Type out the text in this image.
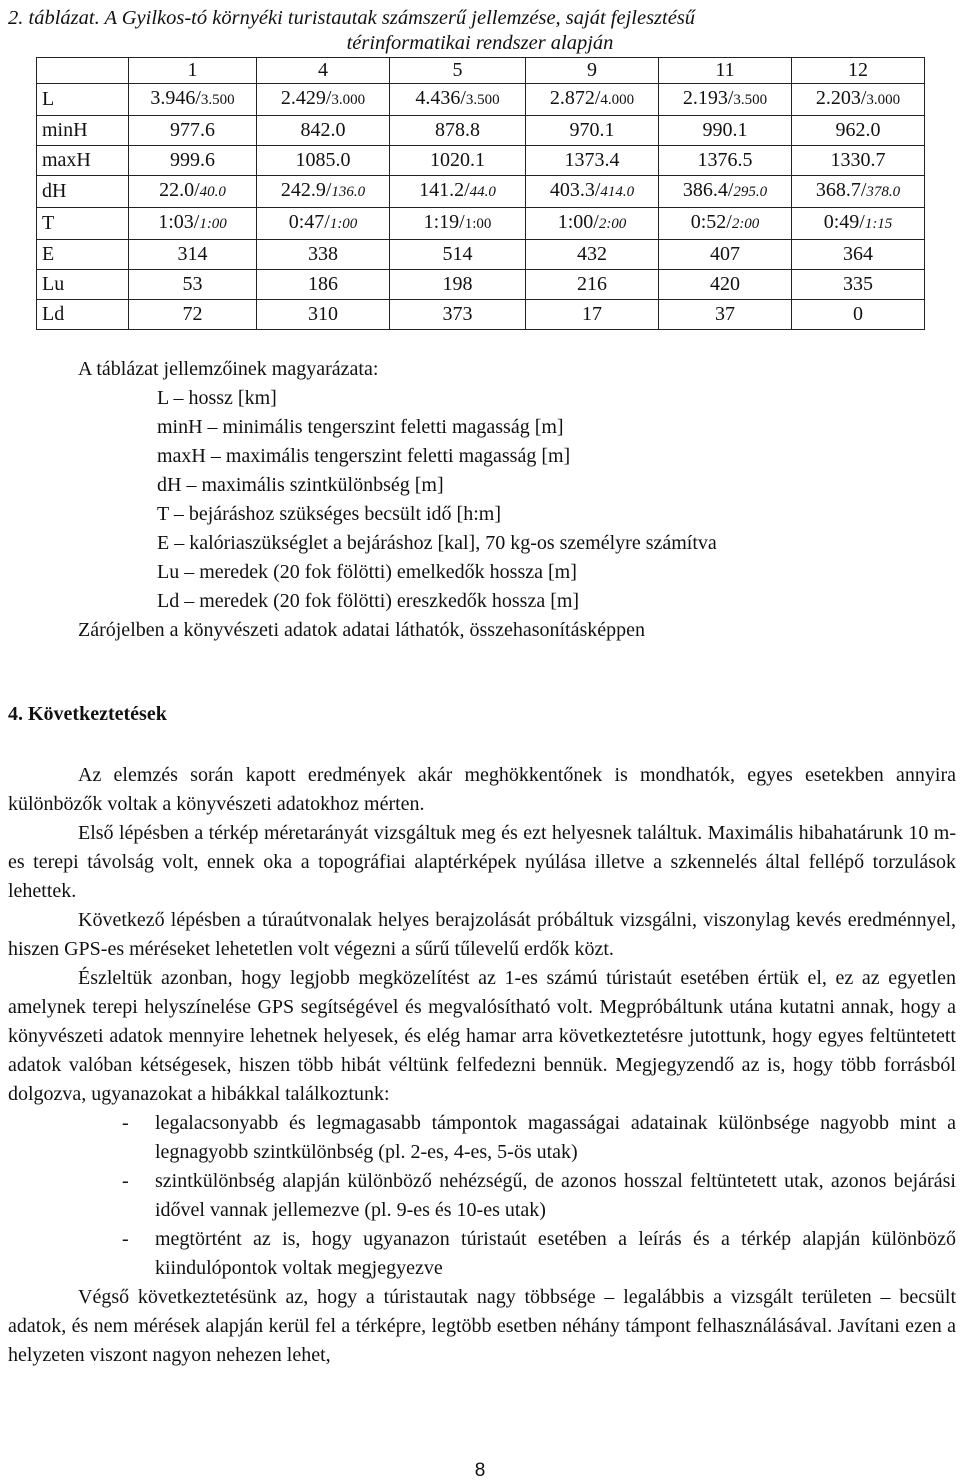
2. táblázat. A Gyilkos-tó környéki turistautak számszerű jellemzése, saját fejlesztésű
térinformatikai rendszer alapján
	1	4	5	9	11	12
L	3.946/3.500	2.429/3.000	4.436/3.500	2.872/4.000	2.193/3.500	2.203/3.000
minH	977.6	842.0	878.8	970.1	990.1	962.0
maxH	999.6	1085.0	1020.1	1373.4	1376.5	1330.7
dH	22.0/40.0	242.9/136.0	141.2/44.0	403.3/414.0	386.4/295.0	368.7/378.0
T	1:03/1:00	0:47/1:00	1:19/1:00	1:00/2:00	0:52/2:00	0:49/1:15
E	314	338	514	432	407	364
Lu	53	186	198	216	420	335
Ld	72	310	373	17	37	0
A táblázat jellemzőinek magyarázata:
L – hossz [km]
minH – minimális tengerszint feletti magasság [m]
maxH – maximális tengerszint feletti magasság [m]
dH – maximális szintkülönbség [m]
T – bejáráshoz szükséges becsült idő [h:m]
E – kalóriaszükséglet a bejáráshoz [kal], 70 kg-os személyre számítva
Lu – meredek (20 fok fölötti) emelkedők hossza [m]
Ld – meredek (20 fok fölötti) ereszkedők hossza [m]
Zárójelben a könyvészeti adatok adatai láthatók, összehasonításképpen
4. Következtetések

Az elemzés során kapott eredmények akár meghökkentőnek is mondhatók, egyes esetekben annyira különbözők voltak a könyvészeti adatokhoz mérten.

Első lépésben a térkép méretarányát vizsgáltuk meg és ezt helyesnek találtuk. Maximális hibahatárunk 10 m-es terepi távolság volt, ennek oka a topográfiai alaptérképek nyúlása illetve a szkennelés által fellépő torzulások lehettek.

Következő lépésben a túraútvonalak helyes berajzolását próbáltuk vizsgálni, viszonylag kevés eredménnyel, hiszen GPS-es méréseket lehetetlen volt végezni a sűrű tűlevelű erdők közt.

Észleltük azonban, hogy legjobb megközelítést az 1-es számú túristaút esetében értük el, ez az egyetlen amelynek terepi helyszínelése GPS segítségével és megvalósítható volt. Megpróbáltunk utána kutatni annak, hogy a könyvészeti adatok mennyire lehetnek helyesek, és elég hamar arra következtetésre jutottunk, hogy egyes feltüntetett adatok valóban kétségesek, hiszen több hibát véltünk felfedezni bennük. Megjegyzendő az is, hogy több forrásból dolgozva, ugyanazokat a hibákkal találkoztunk:

- legalacsonyabb és legmagasabb támpontok magasságai adatainak különbsége nagyobb mint a legnagyobb szintkülönbség (pl. 2-es, 4-es, 5-ös utak)
- szintkülönbség alapján különböző nehézségű, de azonos hosszal feltüntetett utak, azonos bejárási idővel vannak jellemezve (pl. 9-es és 10-es utak)
- megtörtént az is, hogy ugyanazon túristaút esetében a leírás és a térkép alapján különböző kiindulópontok voltak megjegyezve

Végső következtetésünk az, hogy a túristautak nagy többsége – legalábbis a vizsgált területen – becsült adatok, és nem mérések alapján kerül fel a térképre, legtöbb esetben néhány támpont felhasználásával. Javítani ezen a helyzeten viszont nagyon nehezen lehet,

8
